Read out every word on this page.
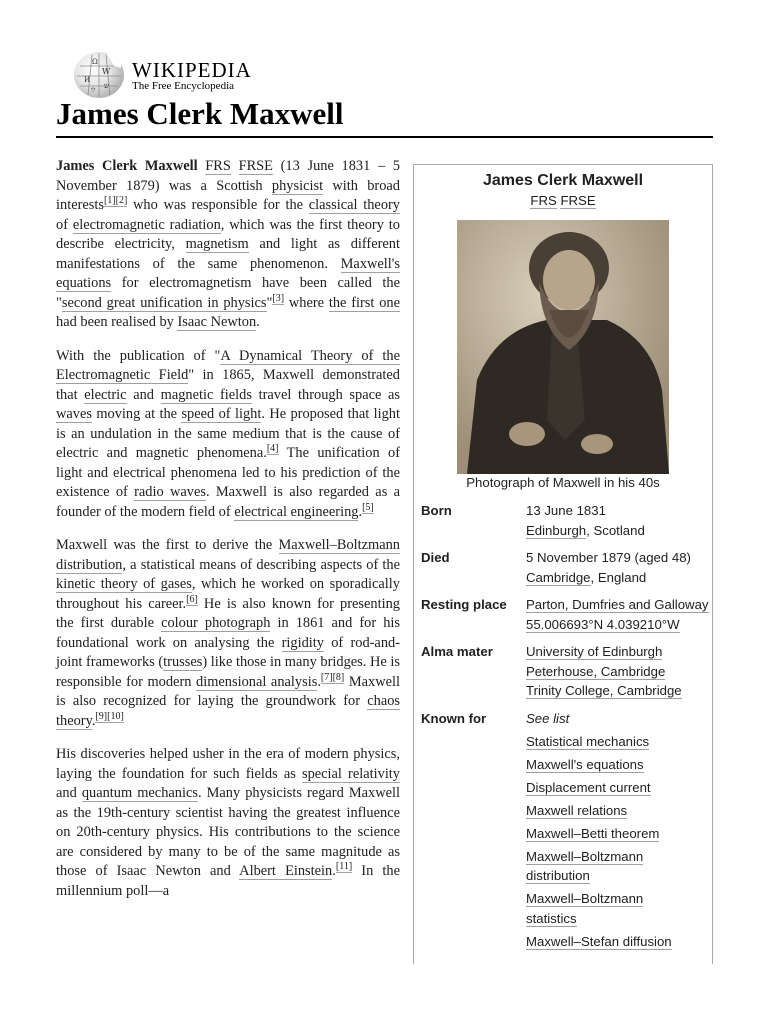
Ω
W
И
ש
ウ
WIKIPEDIA
The Free Encyclopedia
James Clerk Maxwell

James Clerk Maxwell FRS FRSE (13 June 1831 – 5 November 1879) was a Scottish physicist with broad interests[1][2] who was responsible for the classical theory of electromagnetic radiation, which was the first theory to describe electricity, magnetism and light as different manifestations of the same phenomenon. Maxwell's equations for electromagnetism have been called the "second great unification in physics"[3] where the first one had been realised by Isaac Newton.

With the publication of "A Dynamical Theory of the Electromagnetic Field" in 1865, Maxwell demonstrated that electric and magnetic fields travel through space as waves moving at the speed of light. He proposed that light is an undulation in the same medium that is the cause of electric and magnetic phenomena.[4] The unification of light and electrical phenomena led to his prediction of the existence of radio waves. Maxwell is also regarded as a founder of the modern field of electrical engineering.[5]

Maxwell was the first to derive the Maxwell–Boltzmann distribution, a statistical means of describing aspects of the kinetic theory of gases, which he worked on sporadically throughout his career.[6] He is also known for presenting the first durable colour photograph in 1861 and for his foundational work on analysing the rigidity of rod-and-joint frameworks (trusses) like those in many bridges. He is responsible for modern dimensional analysis.[7][8] Maxwell is also recognized for laying the groundwork for chaos theory.[9][10]

His discoveries helped usher in the era of modern physics, laying the foundation for such fields as special relativity and quantum mechanics. Many physicists regard Maxwell as the 19th-century scientist having the greatest influence on 20th-century physics. His contributions to the science are considered by many to be of the same magnitude as those of Isaac Newton and Albert Einstein.[11] In the millennium poll—a

James Clerk Maxwell
FRS FRSE
Photograph of Maxwell in his 40s
Born	13 June 1831
Edinburgh, Scotland
Died	5 November 1879 (aged 48)
Cambridge, England
Resting place	Parton, Dumfries and Galloway
55.006693°N 4.039210°W
Alma mater	University of Edinburgh
Peterhouse, Cambridge
Trinity College, Cambridge
Known for	See list
Statistical mechanics
Maxwell's equations
Displacement current
Maxwell relations
Maxwell–Betti theorem
Maxwell–Boltzmann distribution
Maxwell–Boltzmann statistics
Maxwell–Stefan diffusion
